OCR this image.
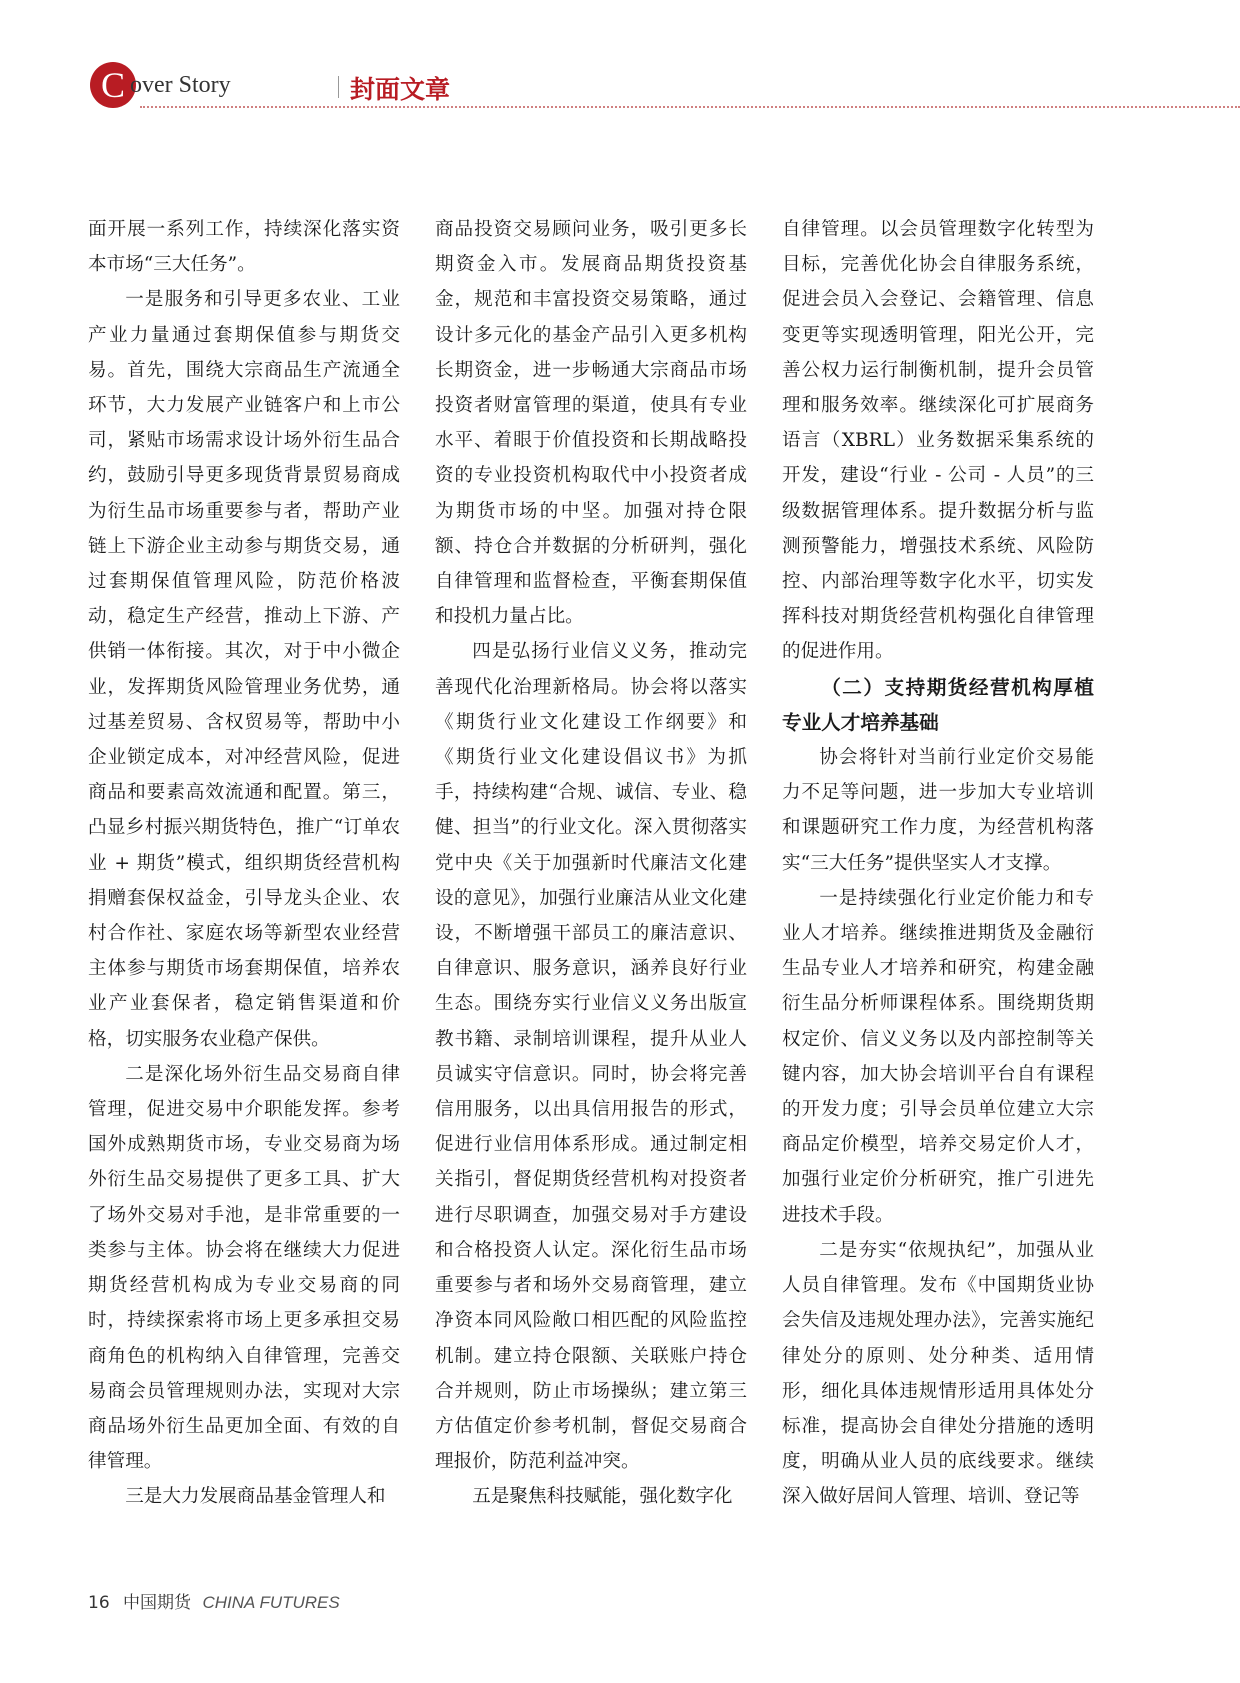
C over Story	封面文章

面开展一系列工作，持续深化落实资本市场“三大任务”。

一是服务和引导更多农业、工业产业力量通过套期保值参与期货交易。首先，围绕大宗商品生产流通全环节，大力发展产业链客户和上市公司，紧贴市场需求设计场外衍生品合约，鼓励引导更多现货背景贸易商成为衍生品市场重要参与者，帮助产业链上下游企业主动参与期货交易，通过套期保值管理风险，防范价格波动，稳定生产经营，推动上下游、产供销一体衔接。其次，对于中小微企业，发挥期货风险管理业务优势，通过基差贸易、含权贸易等，帮助中小企业锁定成本，对冲经营风险，促进商品和要素高效流通和配置。第三，凸显乡村振兴期货特色，推广“订单农业 + 期货”模式，组织期货经营机构捐赠套保权益金，引导龙头企业、农村合作社、家庭农场等新型农业经营主体参与期货市场套期保值，培养农业产业套保者，稳定销售渠道和价格，切实服务农业稳产保供。

二是深化场外衍生品交易商自律管理，促进交易中介职能发挥。参考国外成熟期货市场，专业交易商为场外衍生品交易提供了更多工具、扩大了场外交易对手池，是非常重要的一类参与主体。协会将在继续大力促进期货经营机构成为专业交易商的同时，持续探索将市场上更多承担交易商角色的机构纳入自律管理，完善交易商会员管理规则办法，实现对大宗商品场外衍生品更加全面、有效的自律管理。

三是大力发展商品基金管理人和

商品投资交易顾问业务，吸引更多长期资金入市。发展商品期货投资基金，规范和丰富投资交易策略，通过设计多元化的基金产品引入更多机构长期资金，进一步畅通大宗商品市场投资者财富管理的渠道，使具有专业水平、着眼于价值投资和长期战略投资的专业投资机构取代中小投资者成为期货市场的中坚。加强对持仓限额、持仓合并数据的分析研判，强化自律管理和监督检查，平衡套期保值和投机力量占比。

四是弘扬行业信义义务，推动完善现代化治理新格局。协会将以落实《期货行业文化建设工作纲要》和《期货行业文化建设倡议书》为抓手，持续构建“合规、诚信、专业、稳健、担当”的行业文化。深入贯彻落实党中央《关于加强新时代廉洁文化建设的意见》，加强行业廉洁从业文化建设，不断增强干部员工的廉洁意识、自律意识、服务意识，涵养良好行业生态。围绕夯实行业信义义务出版宣教书籍、录制培训课程，提升从业人员诚实守信意识。同时，协会将完善信用服务，以出具信用报告的形式，促进行业信用体系形成。通过制定相关指引，督促期货经营机构对投资者进行尽职调查，加强交易对手方建设和合格投资人认定。深化衍生品市场重要参与者和场外交易商管理，建立净资本同风险敞口相匹配的风险监控机制。建立持仓限额、关联账户持仓合并规则，防止市场操纵；建立第三方估值定价参考机制，督促交易商合理报价，防范利益冲突。

五是聚焦科技赋能，强化数字化

自律管理。以会员管理数字化转型为目标，完善优化协会自律服务系统，促进会员入会登记、会籍管理、信息变更等实现透明管理，阳光公开，完善公权力运行制衡机制，提升会员管理和服务效率。继续深化可扩展商务语言（XBRL）业务数据采集系统的开发，建设“行业 - 公司 - 人员”的三级数据管理体系。提升数据分析与监测预警能力，增强技术系统、风险防控、内部治理等数字化水平，切实发挥科技对期货经营机构强化自律管理的促进作用。

（二）支持期货经营机构厚植专业人才培养基础

协会将针对当前行业定价交易能力不足等问题，进一步加大专业培训和课题研究工作力度，为经营机构落实“三大任务”提供坚实人才支撑。

一是持续强化行业定价能力和专业人才培养。继续推进期货及金融衍生品专业人才培养和研究，构建金融衍生品分析师课程体系。围绕期货期权定价、信义义务以及内部控制等关键内容，加大协会培训平台自有课程的开发力度；引导会员单位建立大宗商品定价模型，培养交易定价人才，加强行业定价分析研究，推广引进先进技术手段。

二是夯实“依规执纪”，加强从业人员自律管理。发布《中国期货业协会失信及违规处理办法》，完善实施纪律处分的原则、处分种类、适用情形，细化具体违规情形适用具体处分标准，提高协会自律处分措施的透明度，明确从业人员的底线要求。继续深入做好居间人管理、培训、登记等

16 中国期货 CHINA FUTURES
